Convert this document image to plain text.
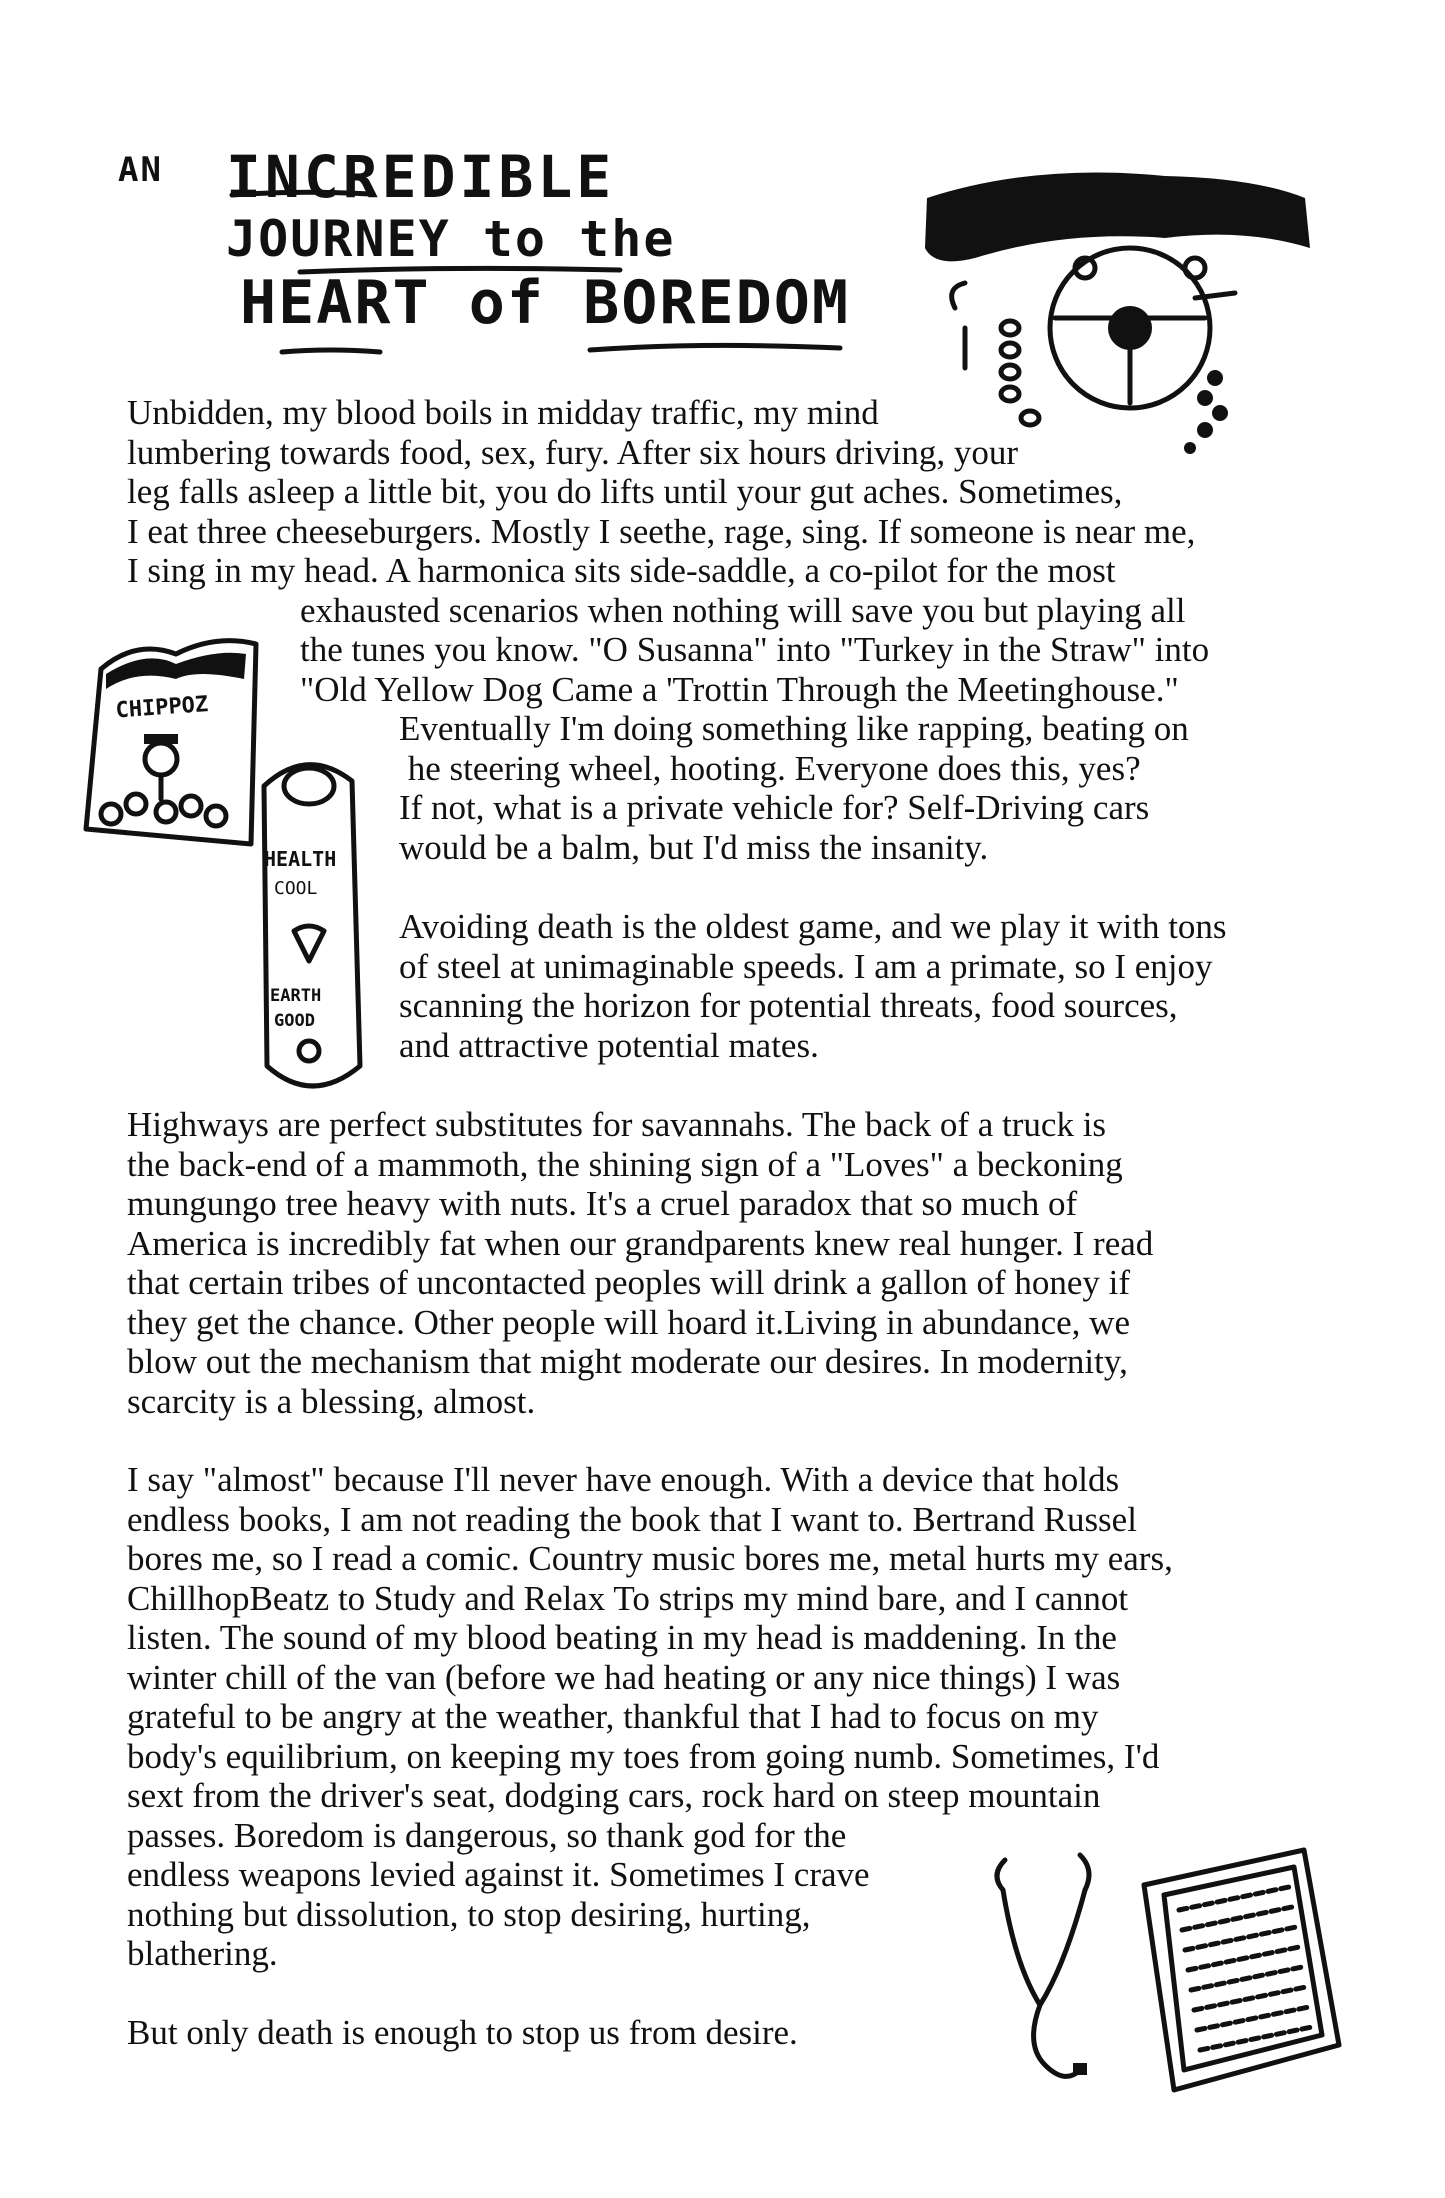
AN INCREDIBLE
JOURNEY to the
HEART of BOREDOM
CHIPPOZ
HEALTH
COOL
EARTH
GOOD
Unbidden, my blood boils in midday traffic, my mind
lumbering towards food, sex, fury. After six hours driving, your
leg falls asleep a little bit, you do lifts until your gut aches. Sometimes,
I eat three cheeseburgers. Mostly I seethe, rage, sing. If someone is near me,
I sing in my head. A harmonica sits side-saddle, a co-pilot for the most
exhausted scenarios when nothing will save you but playing all
the tunes you know. "O Susanna" into "Turkey in the Straw" into
"Old Yellow Dog Came a 'Trottin Through the Meetinghouse."
Eventually I'm doing something like rapping, beating on
he steering wheel, hooting. Everyone does this, yes?
If not, what is a private vehicle for? Self-Driving cars
would be a balm, but I'd miss the insanity.
Avoiding death is the oldest game, and we play it with tons
of steel at unimaginable speeds. I am a primate, so I enjoy
scanning the horizon for potential threats, food sources,
and attractive potential mates.
Highways are perfect substitutes for savannahs. The back of a truck is
the back-end of a mammoth, the shining sign of a "Loves" a beckoning
mungungo tree heavy with nuts. It's a cruel paradox that so much of
America is incredibly fat when our grandparents knew real hunger. I read
that certain tribes of uncontacted peoples will drink a gallon of honey if
they get the chance. Other people will hoard it.Living in abundance, we
blow out the mechanism that might moderate our desires. In modernity,
scarcity is a blessing, almost.
I say "almost" because I'll never have enough. With a device that holds
endless books, I am not reading the book that I want to. Bertrand Russel
bores me, so I read a comic. Country music bores me, metal hurts my ears,
ChillhopBeatz to Study and Relax To strips my mind bare, and I cannot
listen. The sound of my blood beating in my head is maddening. In the
winter chill of the van (before we had heating or any nice things) I was
grateful to be angry at the weather, thankful that I had to focus on my
body's equilibrium, on keeping my toes from going numb. Sometimes, I'd
sext from the driver's seat, dodging cars, rock hard on steep mountain
passes. Boredom is dangerous, so thank god for the
endless weapons levied against it. Sometimes I crave
nothing but dissolution, to stop desiring, hurting,
blathering.
But only death is enough to stop us from desire.
